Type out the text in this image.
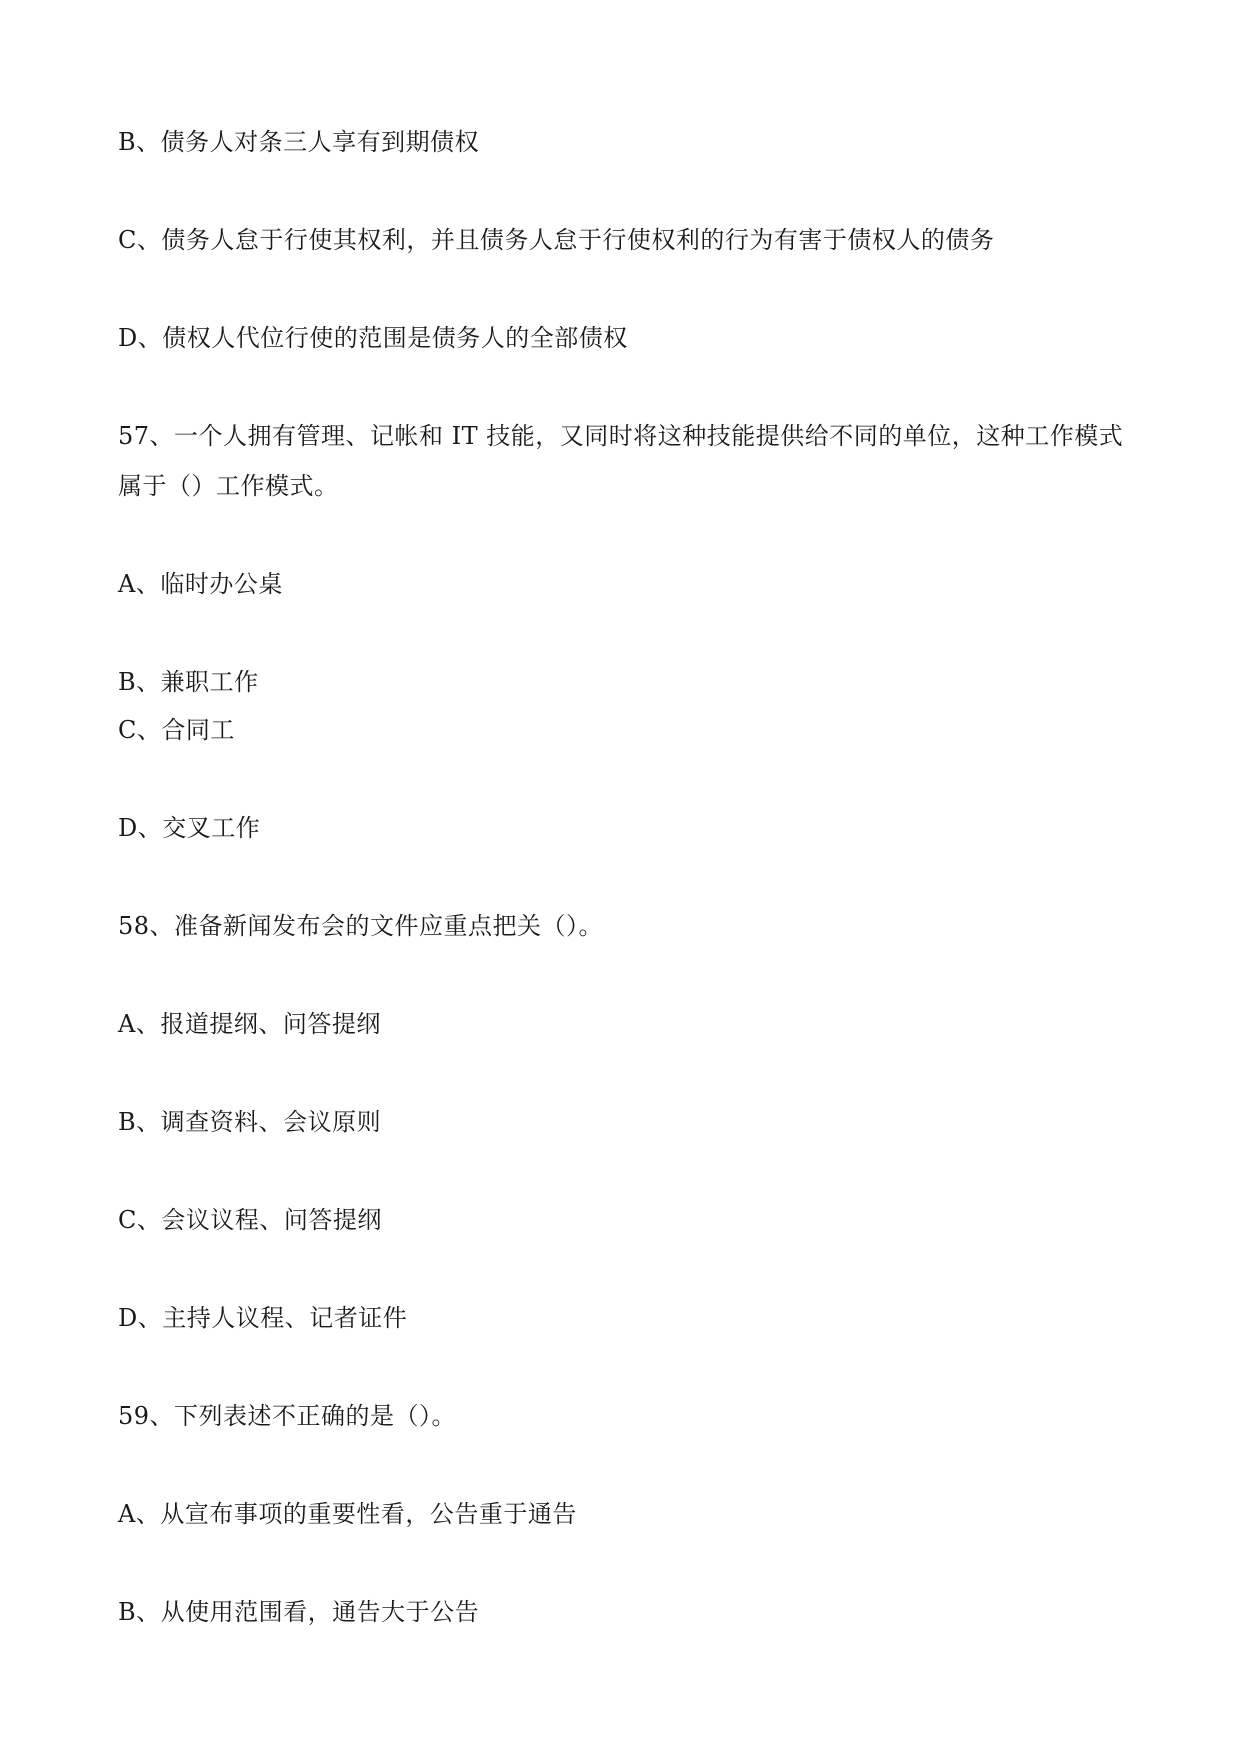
B、债务人对条三人享有到期债权
C、债务人怠于行使其权利，并且债务人怠于行使权利的行为有害于债权人的债务
D、债权人代位行使的范围是债务人的全部债权
57、一个人拥有管理、记帐和 IT 技能，又同时将这种技能提供给不同的单位，这种工作模式
属于（）工作模式。
A、临时办公桌
B、兼职工作
C、合同工
D、交叉工作
58、准备新闻发布会的文件应重点把关（）。
A、报道提纲、问答提纲
B、调查资料、会议原则
C、会议议程、问答提纲
D、主持人议程、记者证件
59、下列表述不正确的是（）。
A、从宣布事项的重要性看，公告重于通告
B、从使用范围看，通告大于公告
